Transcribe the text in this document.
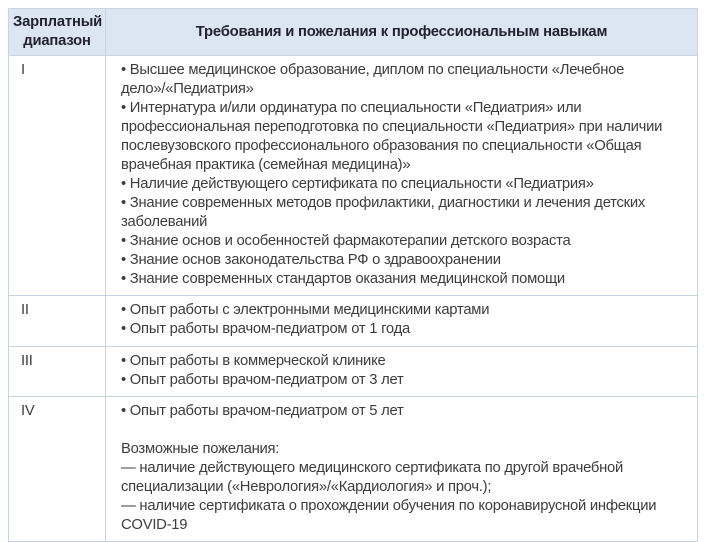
Зарплатный диапазон	Требования и пожелания к профессиональным навыкам
I	• Высшее медицинское образование, диплом по специальности «Лечебное дело»/«Педиатрия»
• Интернатура и/или ординатура по специальности «Педиатрия» или профессиональная переподготовка по специальности «Педиатрия» при наличии послевузовского профессионального образования по специальности «Общая врачебная практика (семейная медицина)»
• Наличие действующего сертификата по специальности «Педиатрия»
• Знание современных методов профилактики, диагностики и лечения детских заболеваний
• Знание основ и особенностей фармакотерапии детского возраста
• Знание основ законодательства РФ о здравоохранении
• Знание современных стандартов оказания медицинской помощи

II	• Опыт работы с электронными медицинскими картами
• Опыт работы врачом-педиатром от 1 года

III	• Опыт работы в коммерческой клинике
• Опыт работы врачом-педиатром от 3 лет

IV	• Опыт работы врачом-педиатром от 5 лет
Возможные пожелания:
— наличие действующего медицинского сертификата по другой врачебной специализации («Неврология»/«Кардиология» и проч.);
— наличие сертификата о прохождении обучения по коронавирусной инфекции COVID-19
